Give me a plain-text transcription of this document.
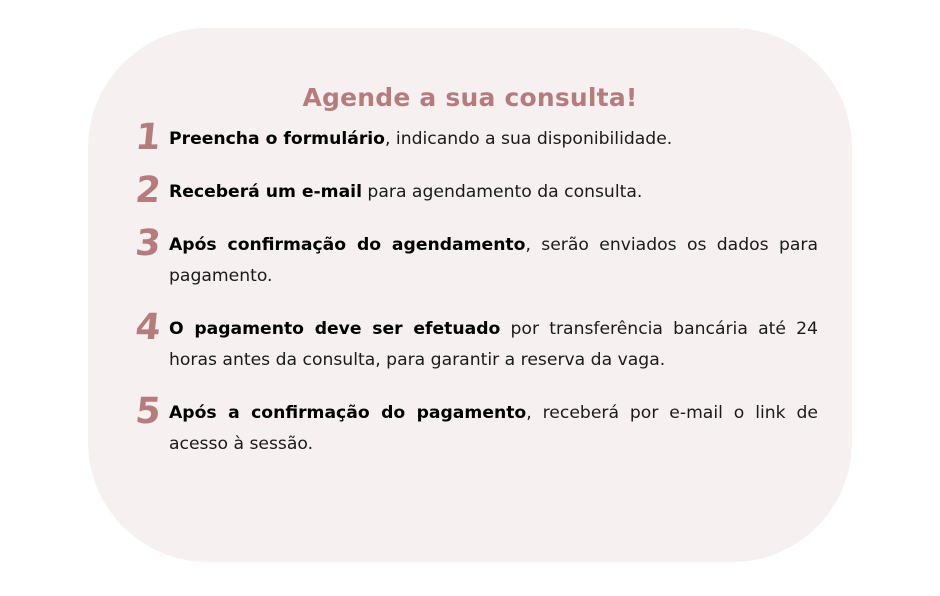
Agende a sua consulta!
1 Preencha o formulário, indicando a sua disponibilidade.
2 Receberá um e-mail para agendamento da consulta.
3 Após confirmação do agendamento, serão enviados os dados para pagamento.
4 O pagamento deve ser efetuado por transferência bancária até 24 horas antes da consulta, para garantir a reserva da vaga.
5 Após a confirmação do pagamento, receberá por e-mail o link de acesso à sessão.
